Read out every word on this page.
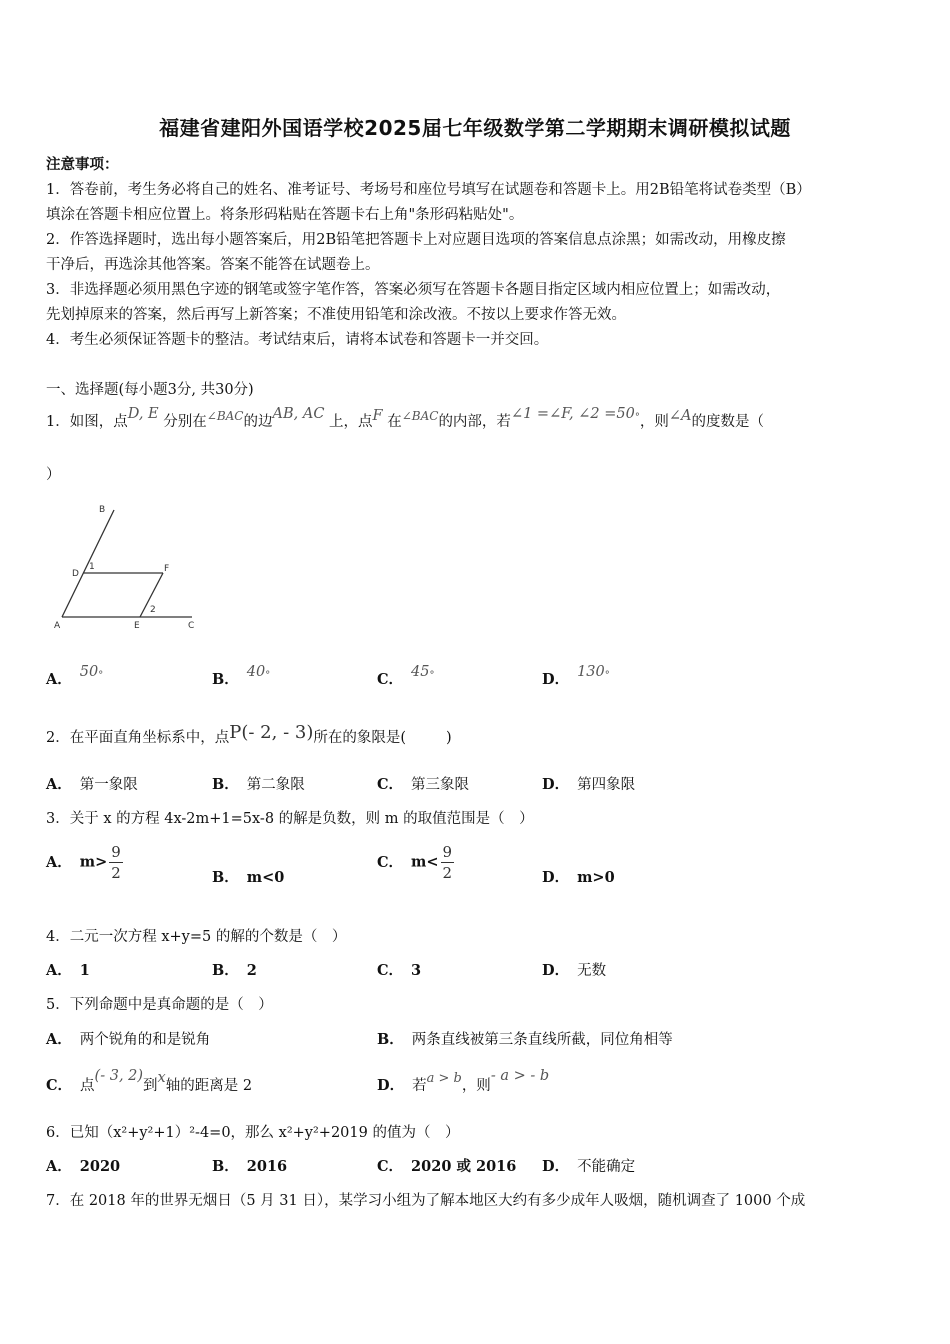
福建省建阳外国语学校2025届七年级数学第二学期期末调研模拟试题
注意事项：
1．答卷前，考生务必将自己的姓名、准考证号、考场号和座位号填写在试题卷和答题卡上。用2B铅笔将试卷类型（B）
填涂在答题卡相应位置上。将条形码粘贴在答题卡右上角"条形码粘贴处"。
2．作答选择题时，选出每小题答案后，用2B铅笔把答题卡上对应题目选项的答案信息点涂黑；如需改动，用橡皮擦
干净后，再选涂其他答案。答案不能答在试题卷上。
3．非选择题必须用黑色字迹的钢笔或签字笔作答，答案必须写在答题卡各题目指定区域内相应位置上；如需改动，
先划掉原来的答案，然后再写上新答案；不准使用铅笔和涂改液。不按以上要求作答无效。
4．考生必须保证答题卡的整洁。考试结束后，请将本试卷和答题卡一并交回。
一、选择题(每小题3分, 共30分)
1．如图，点D, E 分别在$^{\angle BAC}$的边AB, AC 上，点F 在$^{\angle BAC}$的内部，若∠1 =∠F, ∠2 =50°，则∠A的度数是（
）
B
D
1	F
2
A	E	C
A． 50°	B． 40°	C． 45°	D． 130°
2．在平面直角坐标系中，点P(- 2, - 3)所在的象限是(	)
A． 第一象限	B． 第二象限	C． 第三象限	D． 第四象限
3．关于 x 的方程 4x-2m+1=5x-8 的解是负数，则 m 的取值范围是（　）
A． $m> \frac{9}{2}$	B． m<0
C． $m< \frac{9}{2}$	D． m>0
4．二元一次方程 x+y=5 的解的个数是（　）
A． 1	B． 2	C． 3	D． 无数
5．下列命题中是真命题的是（　）
A． 两个锐角的和是锐角	B． 两条直线被第三条直线所截，同位角相等
C． 点(- 3, 2)到x轴的距离是 2	D． 若a > b，则- a > - b
6．已知（x²+y²+1）²-4=0，那么 x²+y²+2019 的值为（　）
A． 2020	B． 2016	C． 2020 或 2016 D． 不能确定
7．在 2018 年的世界无烟日（5 月 31 日），某学习小组为了解本地区大约有多少成年人吸烟，随机调查了 1000 个成
